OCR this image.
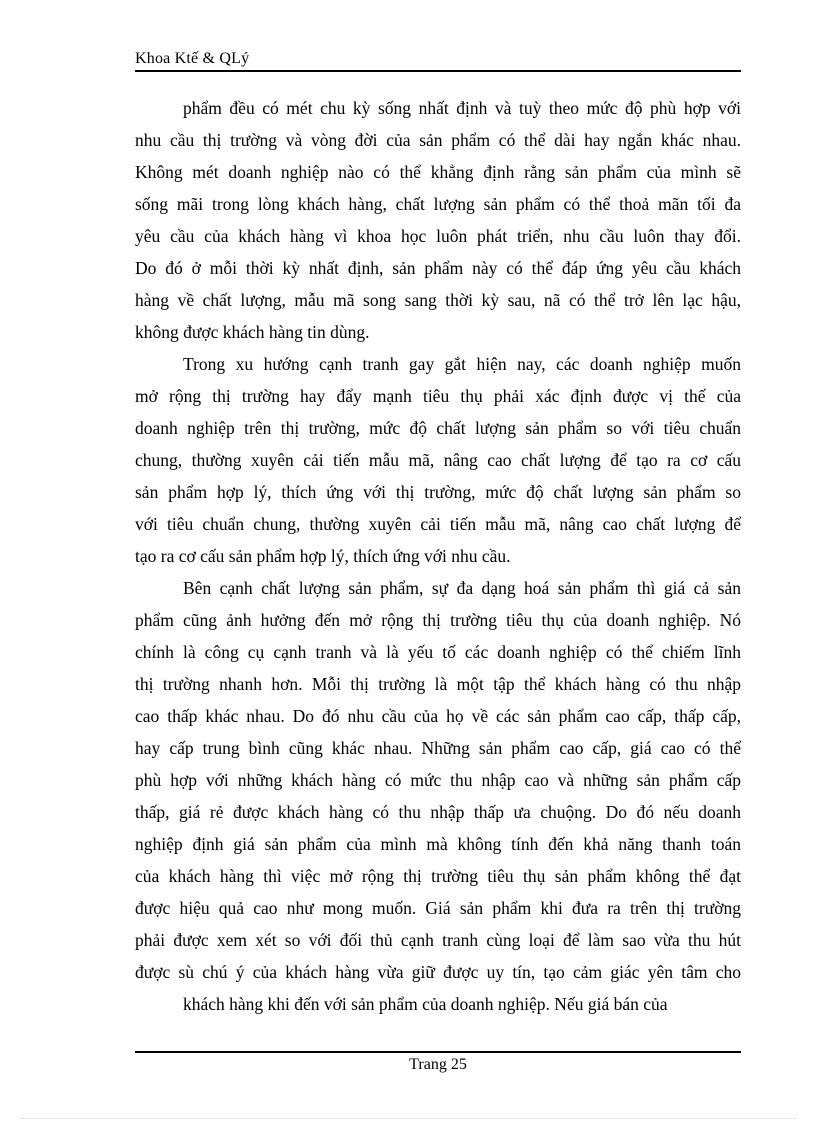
Khoa Ktế & QLý
phẩm đều có mét chu kỳ sống nhất định và tuỳ theo mức độ phù hợp với
nhu cầu thị trường và vòng đời của sản phẩm có thể dài hay ngắn khác nhau.
Không mét doanh nghiệp nào có thể khẳng định rằng sản phẩm của mình sẽ
sống mãi trong lòng khách hàng, chất lượng sản phẩm có thể thoả mãn tối đa
yêu cầu của khách hàng vì khoa học luôn phát triển, nhu cầu luôn thay đổi.
Do đó ở mỗi thời kỳ nhất định, sản phẩm này có thể đáp ứng yêu cầu khách
hàng về chất lượng, mẫu mã song sang thời kỳ sau, nã có thể trở lên lạc hậu,
không được khách hàng tin dùng.
Trong xu hướng cạnh tranh gay gắt hiện nay, các doanh nghiệp muốn
mở rộng thị trường hay đẩy mạnh tiêu thụ phải xác định được vị thế của
doanh nghiệp trên thị trường, mức độ chất lượng sản phẩm so với tiêu chuẩn
chung, thường xuyên cải tiến mẫu mã, nâng cao chất lượng để tạo ra cơ cấu
sản phẩm hợp lý, thích ứng với thị trường, mức độ chất lượng sản phẩm so
với tiêu chuẩn chung, thường xuyên cải tiến mẫu mã, nâng cao chất lượng để
tạo ra cơ cấu sản phẩm hợp lý, thích ứng với nhu cầu.
Bên cạnh chất lượng sản phẩm, sự đa dạng hoá sản phẩm thì giá cả sản
phẩm cũng ảnh hưởng đến mở rộng thị trường tiêu thụ của doanh nghiệp. Nó
chính là công cụ cạnh tranh và là yếu tố các doanh nghiệp có thể chiếm lĩnh
thị trường nhanh hơn. Mỗi thị trường là một tập thể khách hàng có thu nhập
cao thấp khác nhau. Do đó nhu cầu của họ về các sản phẩm cao cấp, thấp cấp,
hay cấp trung bình cũng khác nhau. Những sản phẩm cao cấp, giá cao có thể
phù hợp với những khách hàng có mức thu nhập cao và những sản phẩm cấp
thấp, giá rẻ được khách hàng có thu nhập thấp ưa chuộng. Do đó nếu doanh
nghiệp định giá sản phẩm của mình mà không tính đến khả năng thanh toán
của khách hàng thì việc mở rộng thị trường tiêu thụ sản phẩm không thể đạt
được hiệu quả cao như mong muốn. Giá sản phẩm khi đưa ra trên thị trường
phải được xem xét so với đối thủ cạnh tranh cùng loại để làm sao vừa thu hút
được sù chú ý của khách hàng vừa giữ được uy tín, tạo cảm giác yên tâm cho
khách hàng khi đến với sản phẩm của doanh nghiệp. Nếu giá bán của
Trang 25
